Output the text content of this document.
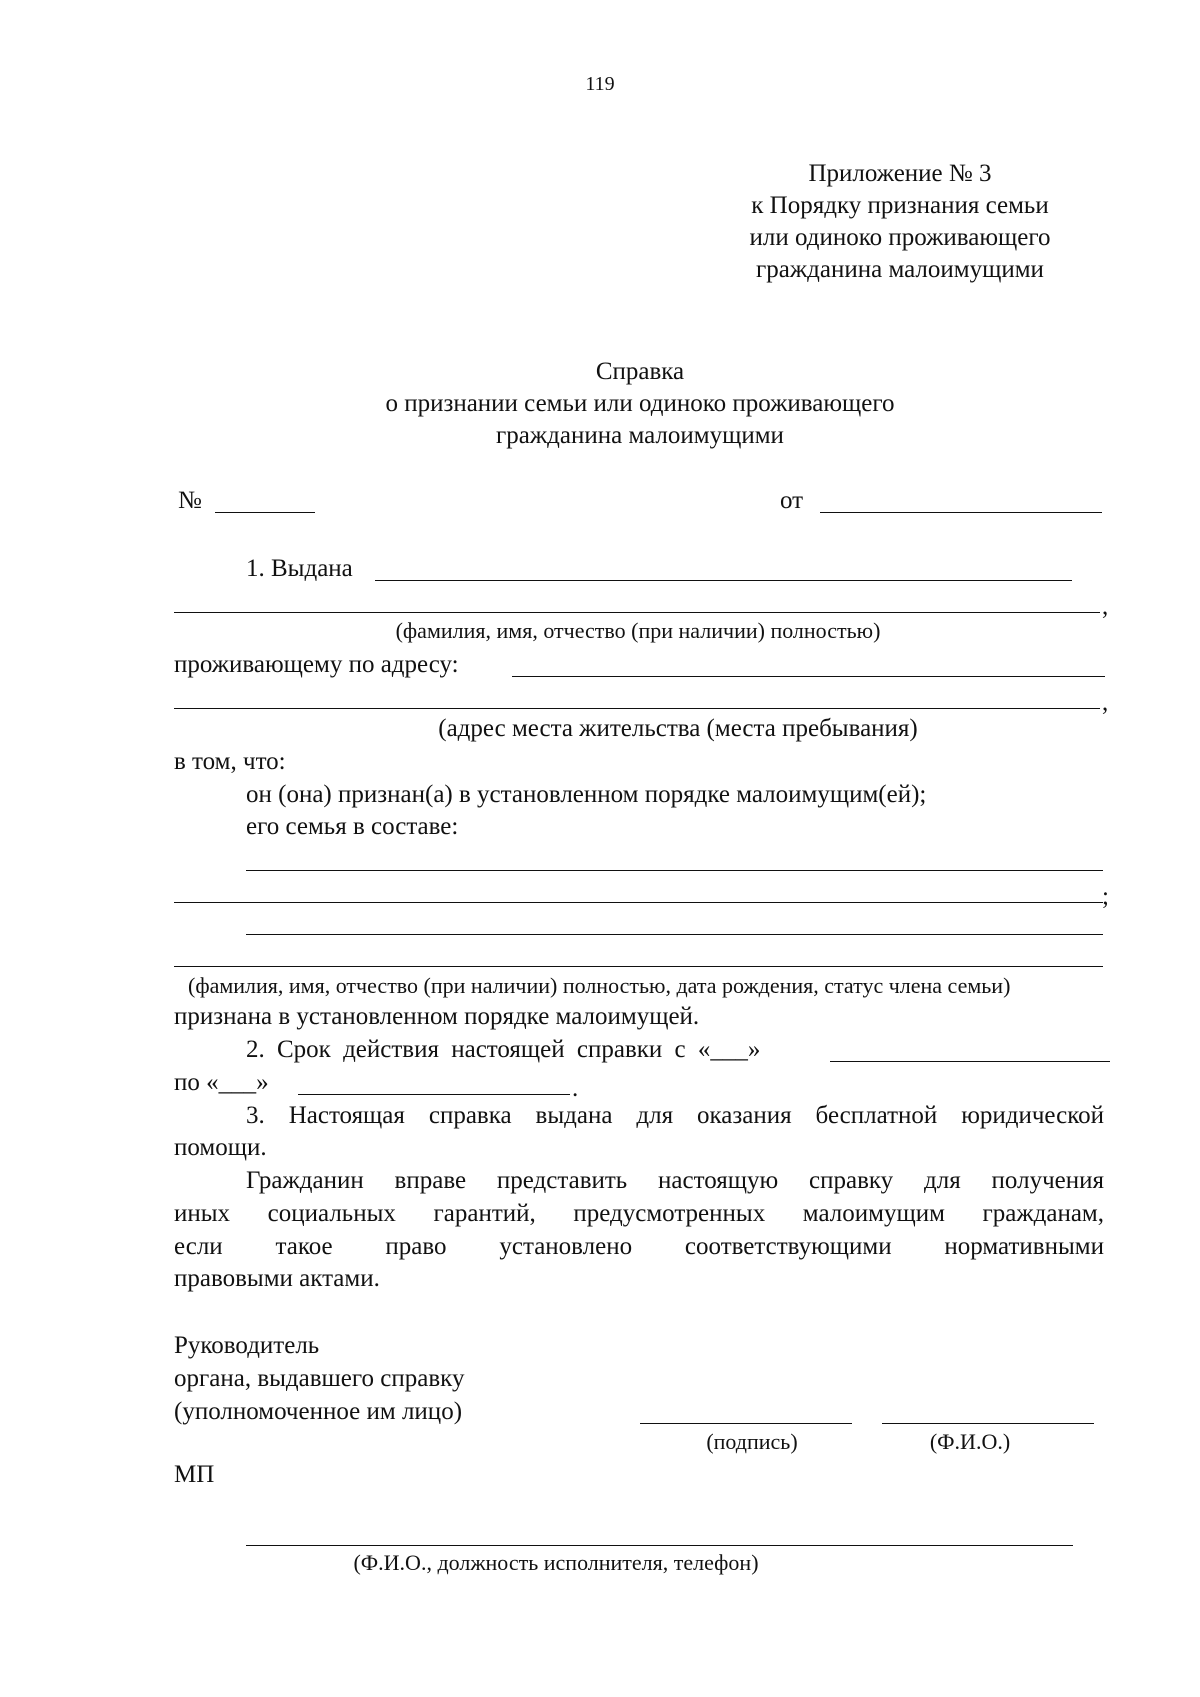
119
Приложение № 3
к Порядку признания семьи
или одиноко проживающего
гражданина малоимущими
Справка
о признании семьи или одиноко проживающего
гражданина малоимущими
№	от
1. Выдана
,
(фамилия, имя, отчество (при наличии) полностью)
проживающему по адресу:
,
(адрес места жительства (места пребывания)
в том, что:
он (она) признан(а) в установленном порядке малоимущим(ей);
его семья в составе:
;
(фамилия, имя, отчество (при наличии) полностью, дата рождения, статус члена семьи)
признана в установленном порядке малоимущей.
2. Срок действия настоящей справки с «___»
по «___»	.
3. Настоящая справка выдана для оказания бесплатной юридической
помощи.
Гражданин вправе представить настоящую справку для получения
иных социальных гарантий, предусмотренных малоимущим гражданам,
если такое право установлено соответствующими нормативными
правовыми актами.
Руководитель
органа, выдавшего справку
(уполномоченное им лицо)
(подпись)	(Ф.И.О.)
МП
(Ф.И.О., должность исполнителя, телефон)
